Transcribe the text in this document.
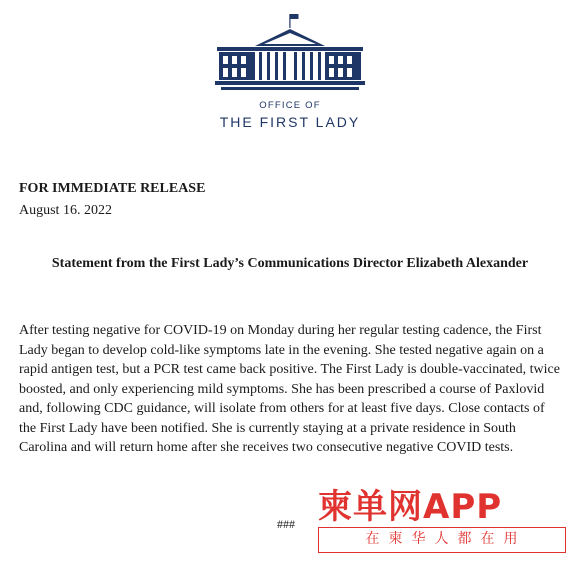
OFFICE OF
THE FIRST LADY
FOR IMMEDIATE RELEASE
August 16. 2022
Statement from the First Lady’s Communications Director Elizabeth Alexander
After testing negative for COVID-19 on Monday during her regular testing cadence, the First Lady began to develop cold-like symptoms late in the evening. She tested negative again on a rapid antigen test, but a PCR test came back positive. The First Lady is double-vaccinated, twice boosted, and only experiencing mild symptoms. She has been prescribed a course of Paxlovid and, following CDC guidance, will isolate from others for at least five days. Close contacts of the First Lady have been notified. She is currently staying at a private residence in South Carolina and will return home after she receives two consecutive negative COVID tests.
### 柬单网APP
在柬华人都在用
